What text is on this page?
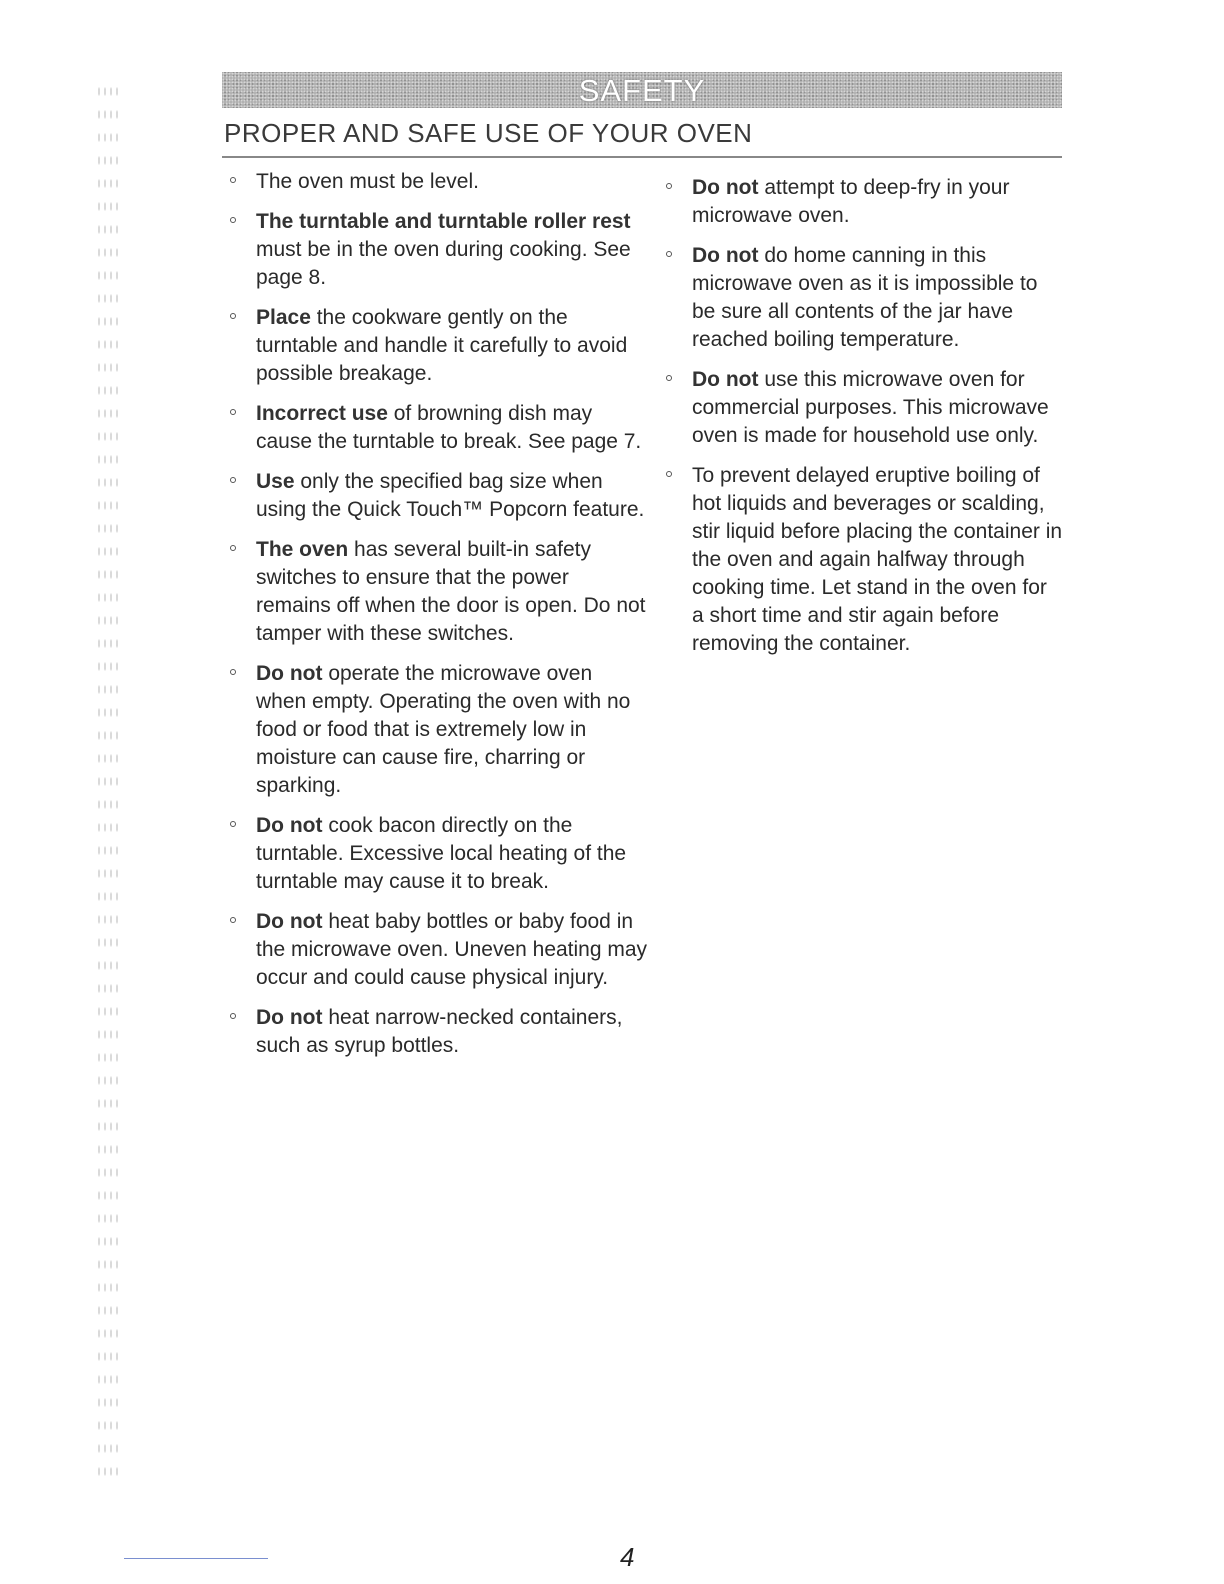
SAFETY
PROPER AND SAFE USE OF YOUR OVEN
The oven must be level.
The turntable and turntable roller rest must be in the oven during cooking. See page 8.
Place the cookware gently on the turntable and handle it carefully to avoid possible breakage.
Incorrect use of browning dish may cause the turntable to break. See page 7.
Use only the specified bag size when using the Quick Touch™ Popcorn feature.
The oven has several built-in safety switches to ensure that the power remains off when the door is open. Do not tamper with these switches.
Do not operate the microwave oven when empty. Operating the oven with no food or food that is extremely low in moisture can cause fire, charring or sparking.
Do not cook bacon directly on the turntable. Excessive local heating of the turntable may cause it to break.
Do not heat baby bottles or baby food in the microwave oven. Uneven heating may occur and could cause physical injury.
Do not heat narrow-necked containers, such as syrup bottles.
Do not attempt to deep-fry in your microwave oven.
Do not do home canning in this microwave oven as it is impossible to be sure all contents of the jar have reached boiling temperature.
Do not use this microwave oven for commercial purposes. This microwave oven is made for household use only.
To prevent delayed eruptive boiling of hot liquids and beverages or scalding, stir liquid before placing the container in the oven and again halfway through cooking time. Let stand in the oven for a short time and stir again before removing the container.
4
